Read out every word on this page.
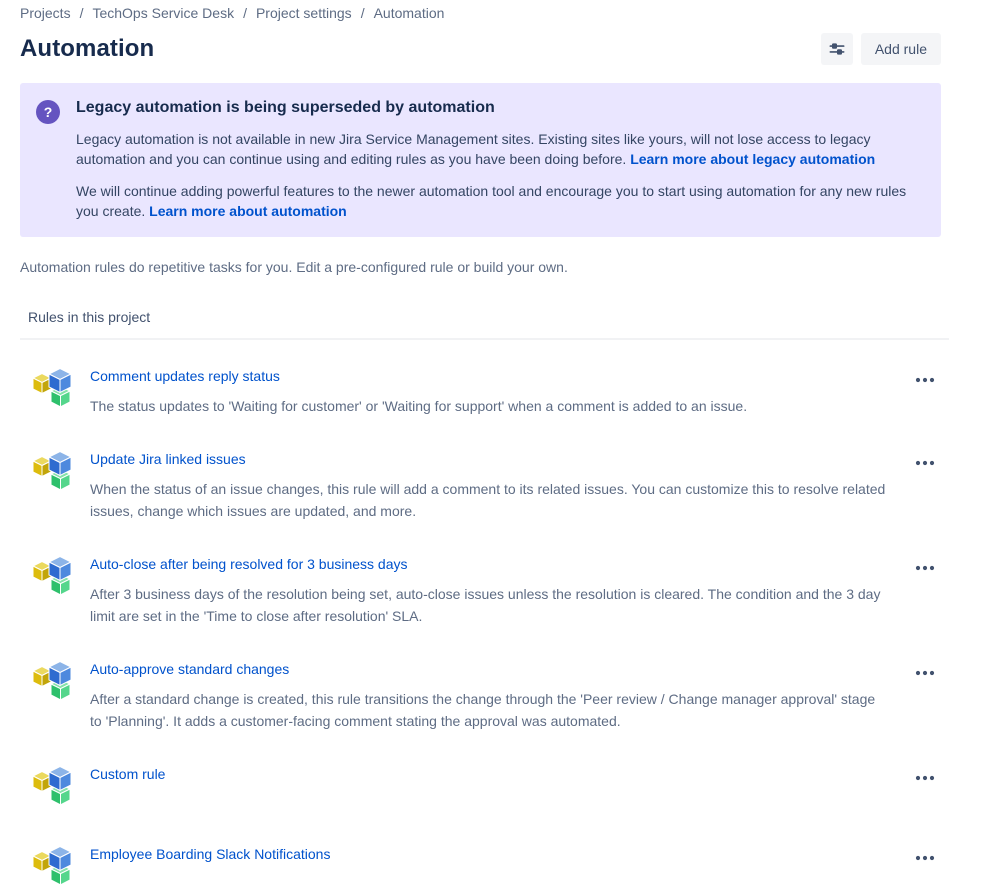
Projects / TechOps Service Desk / Project settings / Automation
Automation	Add rule
?	Legacy automation is being superseded by automation

Legacy automation is not available in new Jira Service Management sites. Existing sites like yours, will not lose access to legacy automation and you can continue using and editing rules as you have been doing before. Learn more about legacy automation

We will continue adding powerful features to the newer automation tool and encourage you to start using automation for any new rules you create. Learn more about automation

Automation rules do repetitive tasks for you. Edit a pre-configured rule or build your own.

Rules in this project
Comment updates reply status
The status updates to 'Waiting for customer' or 'Waiting for support' when a comment is added to an issue.
Update Jira linked issues
When the status of an issue changes, this rule will add a comment to its related issues. You can customize this to resolve related issues, change which issues are updated, and more.
Auto-close after being resolved for 3 business days
After 3 business days of the resolution being set, auto-close issues unless the resolution is cleared. The condition and the 3 day limit are set in the 'Time to close after resolution' SLA.
Auto-approve standard changes
After a standard change is created, this rule transitions the change through the 'Peer review / Change manager approval' stage to 'Planning'. It adds a customer-facing comment stating the approval was automated.
Custom rule
Employee Boarding Slack Notifications
